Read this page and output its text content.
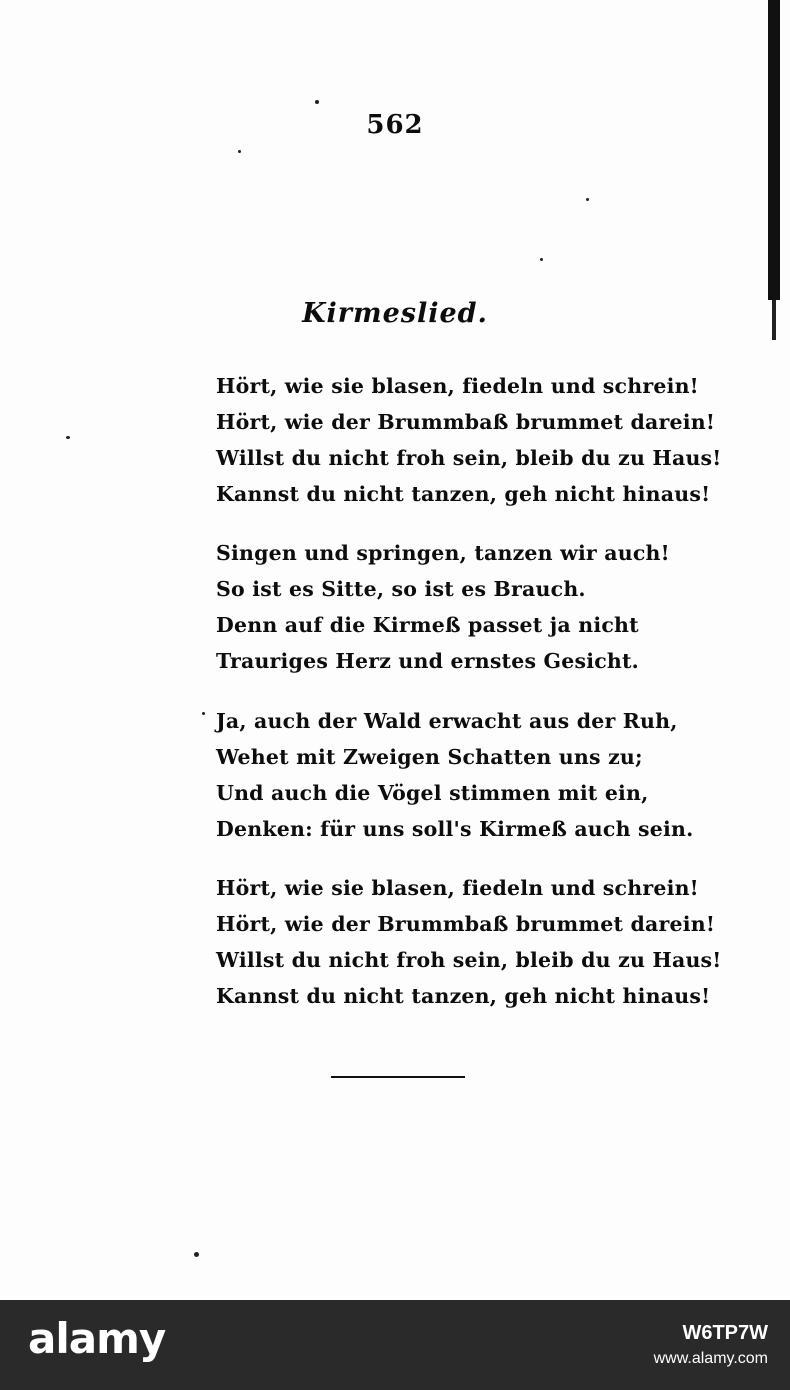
562
Kirmeslied.
Hört, wie sie blasen, fiedeln und schrein!
Hört, wie der Brummbaß brummet darein!
Willst du nicht froh sein, bleib du zu Haus!
Kannst du nicht tanzen, geh nicht hinaus!
Singen und springen, tanzen wir auch!
So ist es Sitte, so ist es Brauch.
Denn auf die Kirmeß passet ja nicht
Trauriges Herz und ernstes Gesicht.
Ja, auch der Wald erwacht aus der Ruh,
Wehet mit Zweigen Schatten uns zu;
Und auch die Vögel stimmen mit ein,
Denken: für uns soll's Kirmeß auch sein.
Hört, wie sie blasen, fiedeln und schrein!
Hört, wie der Brummbaß brummet darein!
Willst du nicht froh sein, bleib du zu Haus!
Kannst du nicht tanzen, geh nicht hinaus!
alamy	W6TP7W
www.alamy.com
